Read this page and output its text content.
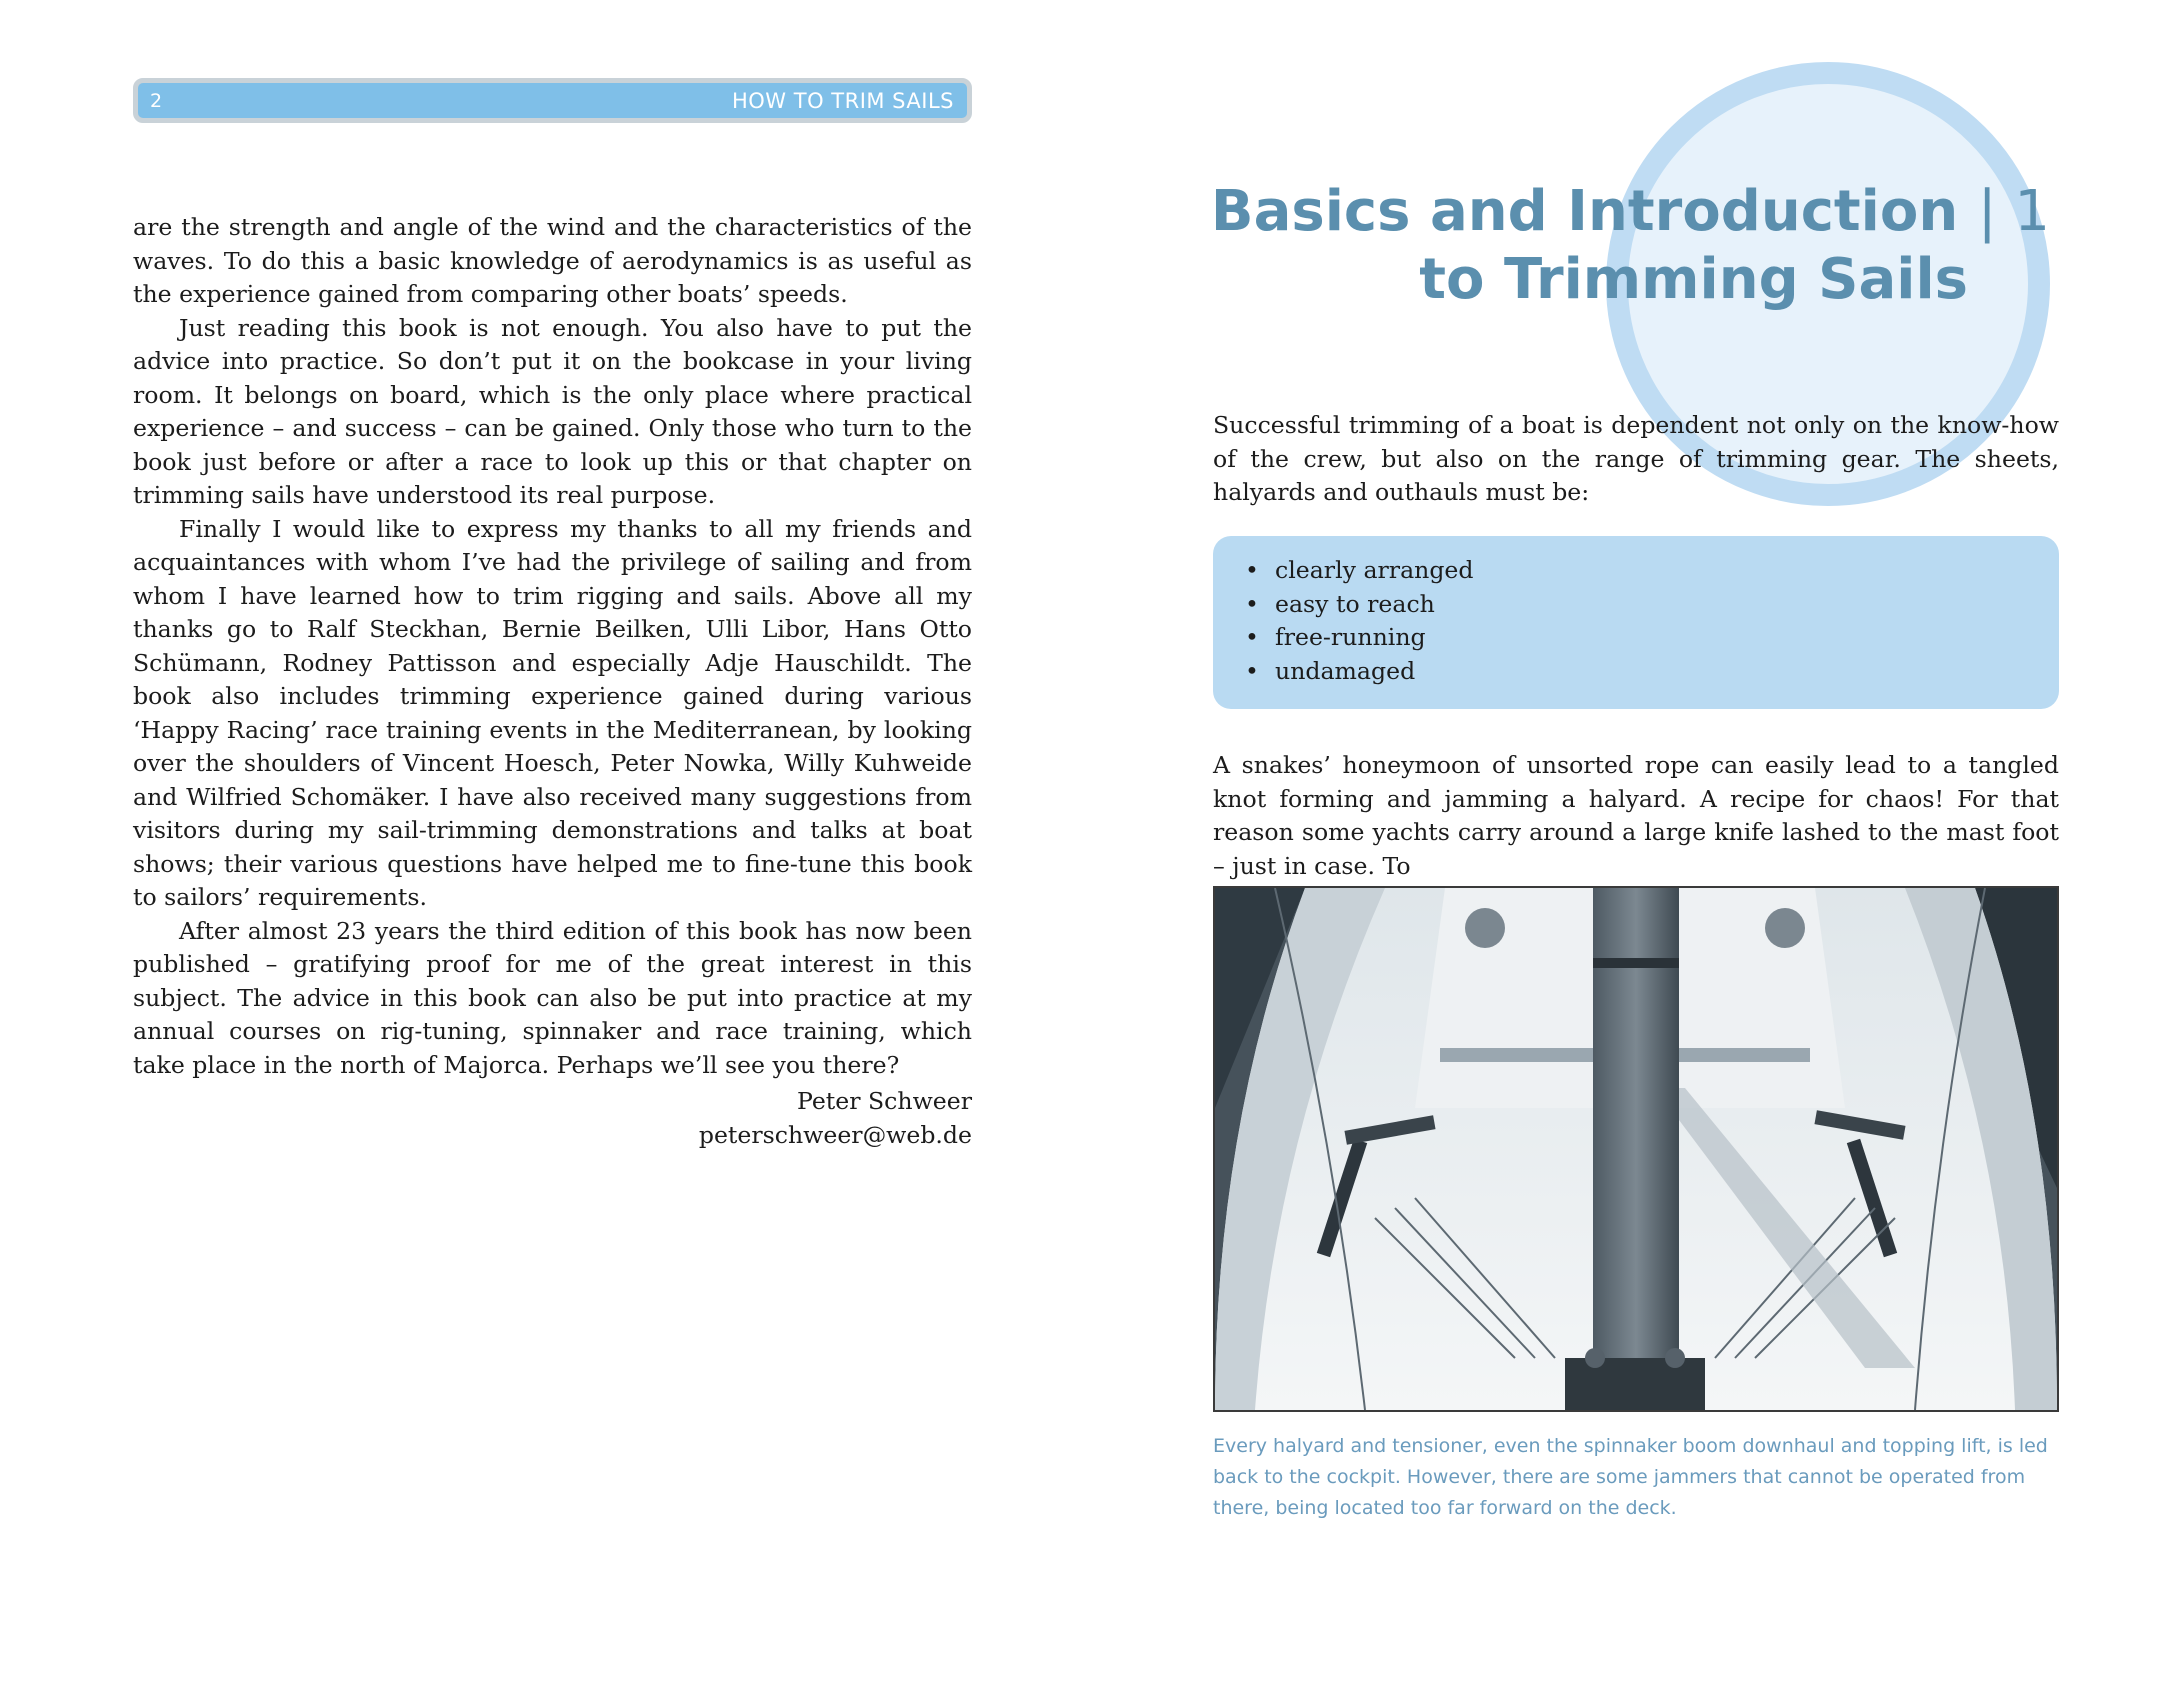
2	HOW TO TRIM SAILS

are the strength and angle of the wind and the characteristics of the waves. To do this a basic knowledge of aerodynamics is as useful as the experience gained from comparing other boats’ speeds.

Just reading this book is not enough. You also have to put the advice into practice. So don’t put it on the bookcase in your living room. It belongs on board, which is the only place where practical experience – and success – can be gained. Only those who turn to the book just before or after a race to look up this or that chapter on trimming sails have understood its real purpose.

Finally I would like to express my thanks to all my friends and acquaintances with whom I’ve had the privilege of sailing and from whom I have learned how to trim rigging and sails. Above all my thanks go to Ralf Steckhan, Bernie Beilken, Ulli Libor, Hans Otto Schümann, Rodney Pattisson and especially Adje Hauschildt. The book also includes trimming experience gained during various ‘Happy Racing’ race training events in the Mediterranean, by looking over the shoulders of Vincent Hoesch, Peter Nowka, Willy Kuhweide and Wilfried Schomäker. I have also received many suggestions from visitors during my sail-trimming demonstrations and talks at boat shows; their various questions have helped me to fine-tune this book to sailors’ requirements.

After almost 23 years the third edition of this book has now been published – gratifying proof for me of the great interest in this subject. The advice in this book can also be put into practice at my annual courses on rig-tuning, spinnaker and race training, which take place in the north of Majorca. Perhaps we’ll see you there?

Peter Schweer
peterschweer@web.de
Basics and Introduction | 1
to Trimming Sails

Successful trimming of a boat is dependent not only on the know-how of the crew, but also on the range of trimming gear. The sheets, halyards and outhauls must be:

• clearly arranged
• easy to reach
• free-running
• undamaged

A snakes’ honeymoon of unsorted rope can easily lead to a tangled knot forming and jamming a halyard. A recipe for chaos! For that reason some yachts carry around a large knife lashed to the mast foot – just in case. To

Every halyard and tensioner, even the spinnaker boom downhaul and topping lift, is led back to the cockpit. However, there are some jammers that cannot be operated from there, being located too far forward on the deck.
